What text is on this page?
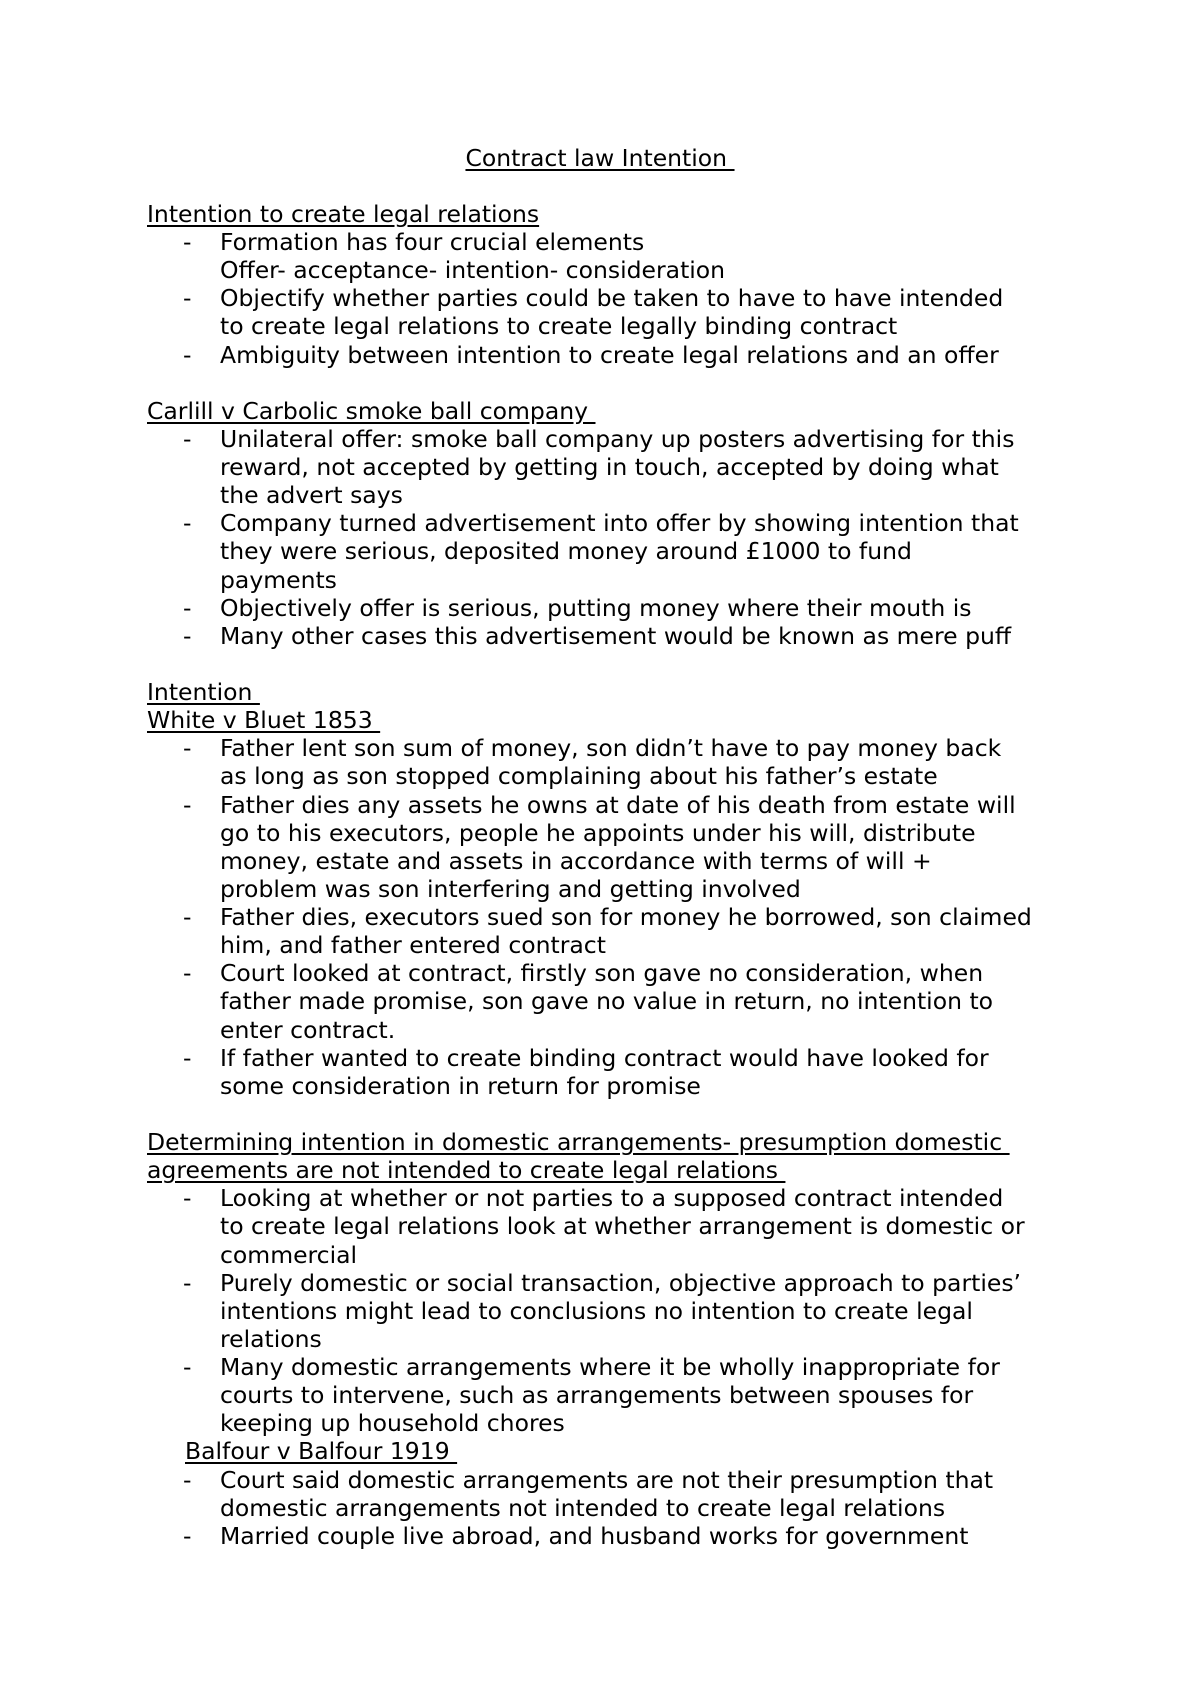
Contract law Intention
Intention to create legal relations
- Formation has four crucial elements
Offer- acceptance- intention- consideration
- Objectify whether parties could be taken to have to have intended
to create legal relations to create legally binding contract
- Ambiguity between intention to create legal relations and an offer
Carlill v Carbolic smoke ball company
- Unilateral offer: smoke ball company up posters advertising for this
reward, not accepted by getting in touch, accepted by doing what
the advert says
- Company turned advertisement into offer by showing intention that
they were serious, deposited money around £1000 to fund
payments
- Objectively offer is serious, putting money where their mouth is
- Many other cases this advertisement would be known as mere puff
Intention
White v Bluet 1853
- Father lent son sum of money, son didn’t have to pay money back
as long as son stopped complaining about his father’s estate
- Father dies any assets he owns at date of his death from estate will
go to his executors, people he appoints under his will, distribute
money, estate and assets in accordance with terms of will +
problem was son interfering and getting involved
- Father dies, executors sued son for money he borrowed, son claimed
him, and father entered contract
- Court looked at contract, firstly son gave no consideration, when
father made promise, son gave no value in return, no intention to
enter contract.
- If father wanted to create binding contract would have looked for
some consideration in return for promise
Determining intention in domestic arrangements- presumption domestic
agreements are not intended to create legal relations
- Looking at whether or not parties to a supposed contract intended
to create legal relations look at whether arrangement is domestic or
commercial
- Purely domestic or social transaction, objective approach to parties’
intentions might lead to conclusions no intention to create legal
relations
- Many domestic arrangements where it be wholly inappropriate for
courts to intervene, such as arrangements between spouses for
keeping up household chores
Balfour v Balfour 1919
- Court said domestic arrangements are not their presumption that
domestic arrangements not intended to create legal relations
- Married couple live abroad, and husband works for government
